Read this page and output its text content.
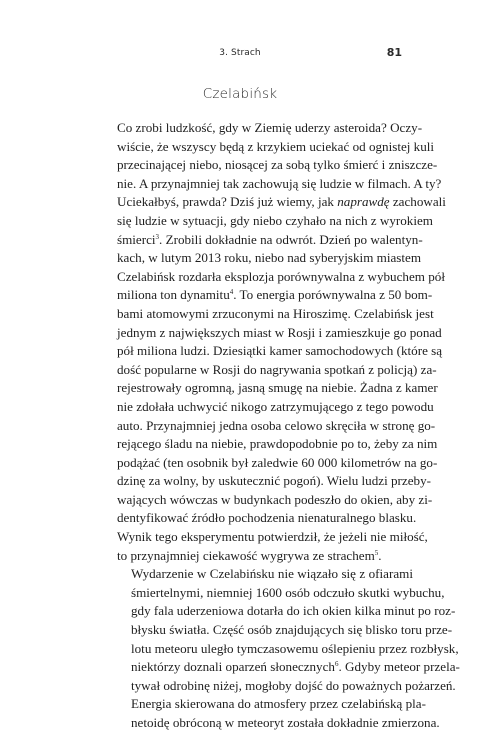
3. Strach	81
Czelabińsk

Co zrobi ludzkość, gdy w Ziemię uderzy asteroida? Oczy-
wiście, że wszyscy będą z krzykiem uciekać od ognistej kuli
przecinającej niebo, niosącej za sobą tylko śmierć i zniszcze-
nie. A przynajmniej tak zachowują się ludzie w filmach. A ty?
Uciekałbyś, prawda? Dziś już wiemy, jak naprawdę zachowali
się ludzie w sytuacji, gdy niebo czyhało na nich z wyrokiem
śmierci$^3$. Zrobili dokładnie na odwrót. Dzień po walentyn-
kach, w lutym 2013 roku, niebo nad syberyjskim miastem
Czelabińsk rozdarła eksplozja porównywalna z wybuchem pół
miliona ton dynamitu$^4$. To energia porównywalna z 50 bom-
bami atomowymi zrzuconymi na Hiroszimę. Czelabińsk jest
jednym z największych miast w Rosji i zamieszkuje go ponad
pół miliona ludzi. Dziesiątki kamer samochodowych (które są
dość popularne w Rosji do nagrywania spotkań z policją) za-
rejestrowały ogromną, jasną smugę na niebie. Żadna z kamer
nie zdołała uchwycić nikogo zatrzymującego z tego powodu
auto. Przynajmniej jedna osoba celowo skręciła w stronę go-
rejącego śladu na niebie, prawdopodobnie po to, żeby za nim
podążać (ten osobnik był zaledwie 60 000 kilometrów na go-
dzinę za wolny, by uskutecznić pogoń). Wielu ludzi przeby-
wających wówczas w budynkach podeszło do okien, aby zi-
dentyfikować źródło pochodzenia nienaturalnego blasku.
Wynik tego eksperymentu potwierdził, że jeżeli nie miłość,
to przynajmniej ciekawość wygrywa ze strachem$^5$.

Wydarzenie w Czelabińsku nie wiązało się z ofiarami
śmiertelnymi, niemniej 1600 osób odczuło skutki wybuchu,
gdy fala uderzeniowa dotarła do ich okien kilka minut po roz-
błysku światła. Część osób znajdujących się blisko toru prze-
lotu meteoru uległo tymczasowemu oślepieniu przez rozbłysk,
niektórzy doznali oparzeń słonecznych$^6$. Gdyby meteor przela-
tywał odrobinę niżej, mogłoby dojść do poważnych pożarzeń.

Energia skierowana do atmosfery przez czelabińską pla-
netoidę obróconą w meteoryt została dokładnie zmierzona.
